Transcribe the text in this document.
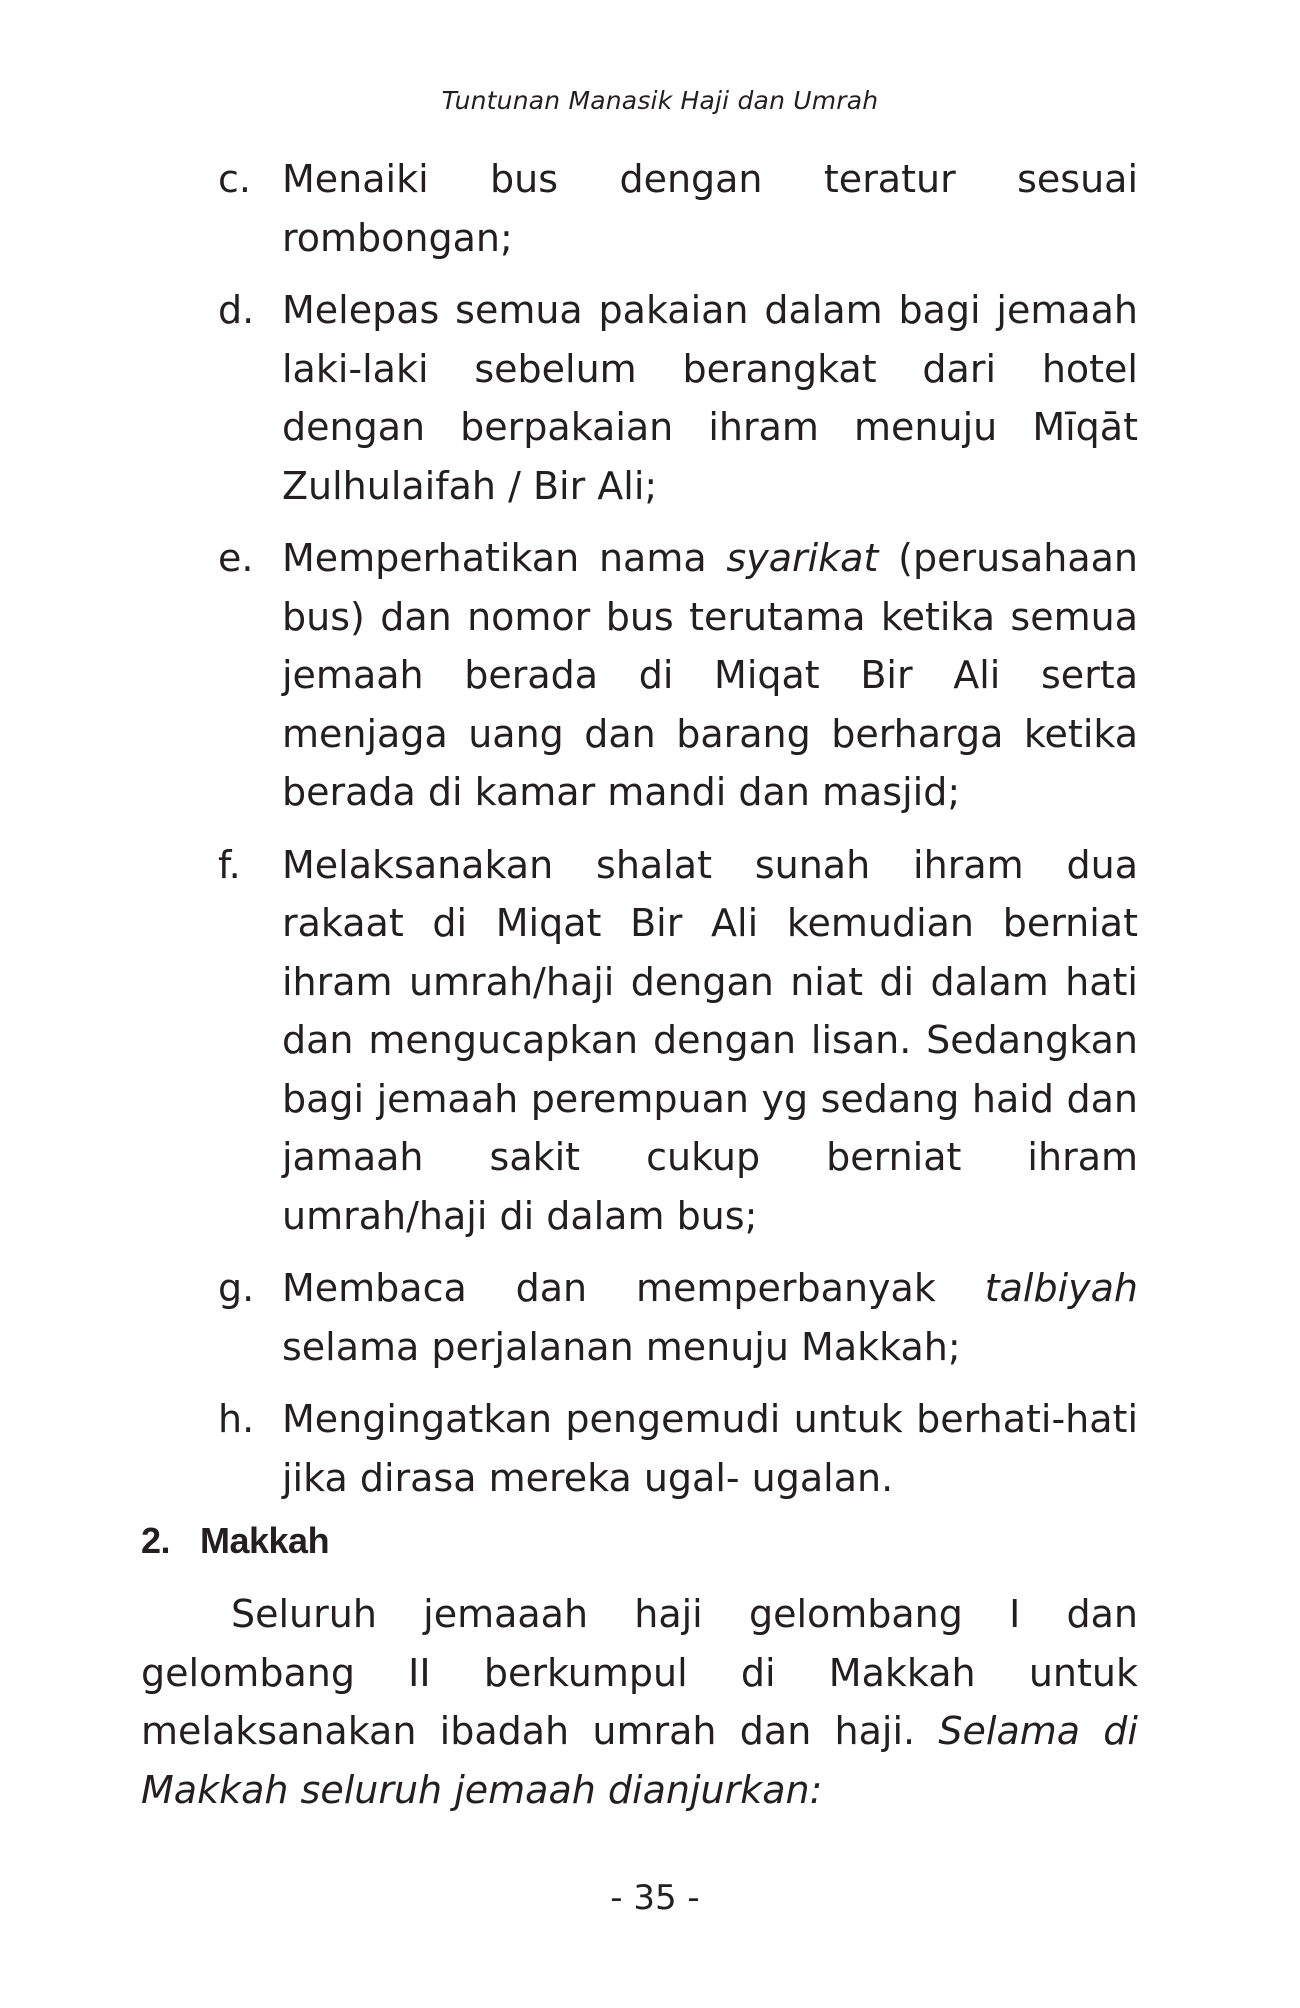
Tuntunan Manasik Haji dan Umrah
c. Menaiki bus dengan teratur sesuai rombongan;
d. Melepas semua pakaian dalam bagi jemaah laki-laki sebelum berangkat dari hotel dengan berpakaian ihram menuju Mīqāt Zulhulaifah / Bir Ali;
e. Memperhatikan nama syarikat (perusahaan bus) dan nomor bus terutama ketika semua jemaah berada di Miqat Bir Ali serta menjaga uang dan barang berharga ketika berada di kamar mandi dan masjid;
f.	Melaksanakan shalat sunah ihram dua rakaat di Miqat Bir Ali kemudian berniat ihram umrah/haji dengan niat di dalam hati dan mengucapkan dengan lisan. Sedangkan bagi jemaah perempuan yg sedang haid dan jamaah sakit cukup berniat ihram umrah/haji di dalam bus;
g. Membaca dan memperbanyak talbiyah selama perjalanan menuju Makkah;
h. Mengingatkan pengemudi untuk berhati-hati jika dirasa mereka ugal- ugalan.
2. Makkah

Seluruh jemaaah haji gelombang I dan gelombang II berkumpul di Makkah untuk melaksanakan ibadah umrah dan haji. Selama di Makkah seluruh jemaah dianjurkan:

- 35 -
